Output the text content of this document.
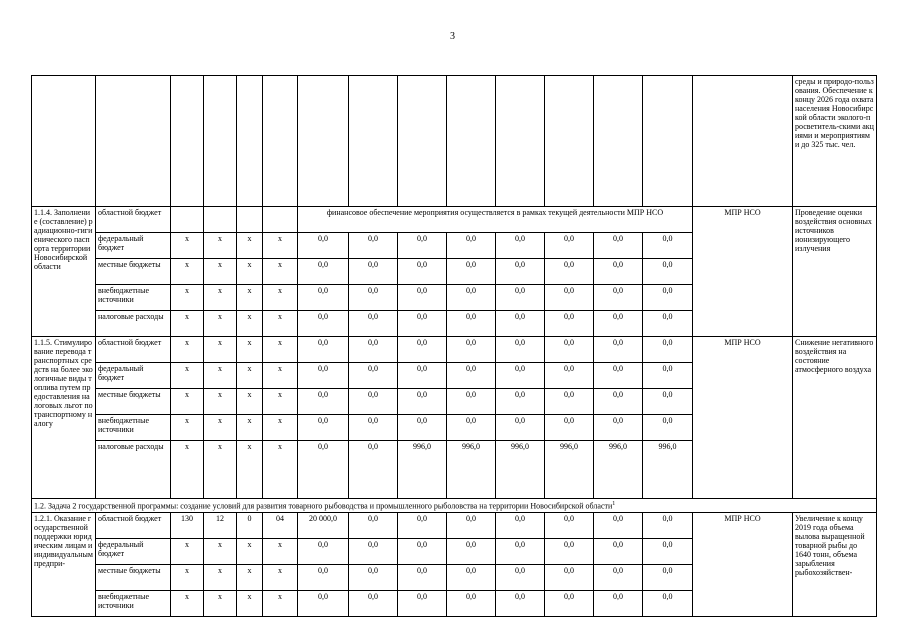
3
															среды и природо-пользования. Обеспечение к концу 2026 года охвата населения Новосибирской области эколого-просветитель-скими акциями и мероприятиями до 325 тыс. чел.
1.1.4. Заполнение (составление) радиационно-гигиенического паспорта территории Новосибирской области	областной бюджет					финансовое обеспечение мероприятия осуществляется в рамках текущей деятельности МПР НСО								МПР НСО	Проведение оценки воздействия основных источников ионизирующего излучения
	федеральный бюджет	x	x	x	x	0,0	0,0	0,0	0,0	0,0	0,0	0,0	0,0		
	местные бюджеты	x	x	x	x	0,0	0,0	0,0	0,0	0,0	0,0	0,0	0,0		
	внебюджетные источники	x	x	x	x	0,0	0,0	0,0	0,0	0,0	0,0	0,0	0,0		
	налоговые расходы	x	x	x	x	0,0	0,0	0,0	0,0	0,0	0,0	0,0	0,0		
1.1.5. Стимулирование перевода транспортных средств на более экологичные виды топлива путем предоставления налоговых льгот по транспортному налогу	областной бюджет	x	x	x	x	0,0	0,0	0,0	0,0	0,0	0,0	0,0	0,0	МПР НСО	Снижение негативного воздействия на состояние атмосферного воздуха
	федеральный бюджет	x	x	x	x	0,0	0,0	0,0	0,0	0,0	0,0	0,0	0,0		
	местные бюджеты	x	x	x	x	0,0	0,0	0,0	0,0	0,0	0,0	0,0	0,0		
	внебюджетные источники	x	x	x	x	0,0	0,0	0,0	0,0	0,0	0,0	0,0	0,0		
	налоговые расходы	x	x	x	x	0,0	0,0	996,0	996,0	996,0	996,0	996,0	996,0		
1.2. Задача 2 государственной программы: создание условий для развития товарного рыбоводства и промышленного рыболовства на территории Новосибирской области$^1$
1.2.1. Оказание государственной поддержки юридическим лицам и индивидуальным предпри-	областной бюджет	130	12	0	04	20 000,0	0,0	0,0	0,0	0,0	0,0	0,0	0,0	МПР НСО	Увеличение к концу 2019 года объема вылова выращенной товарной рыбы до 1640 тонн, объема зарыбления рыбохозяйствен-
	федеральный бюджет	x	x	x	x	0,0	0,0	0,0	0,0	0,0	0,0	0,0	0,0		
	местные бюджеты	x	x	x	x	0,0	0,0	0,0	0,0	0,0	0,0	0,0	0,0		
	внебюджетные источники	x	x	x	x	0,0	0,0	0,0	0,0	0,0	0,0	0,0	0,0		
